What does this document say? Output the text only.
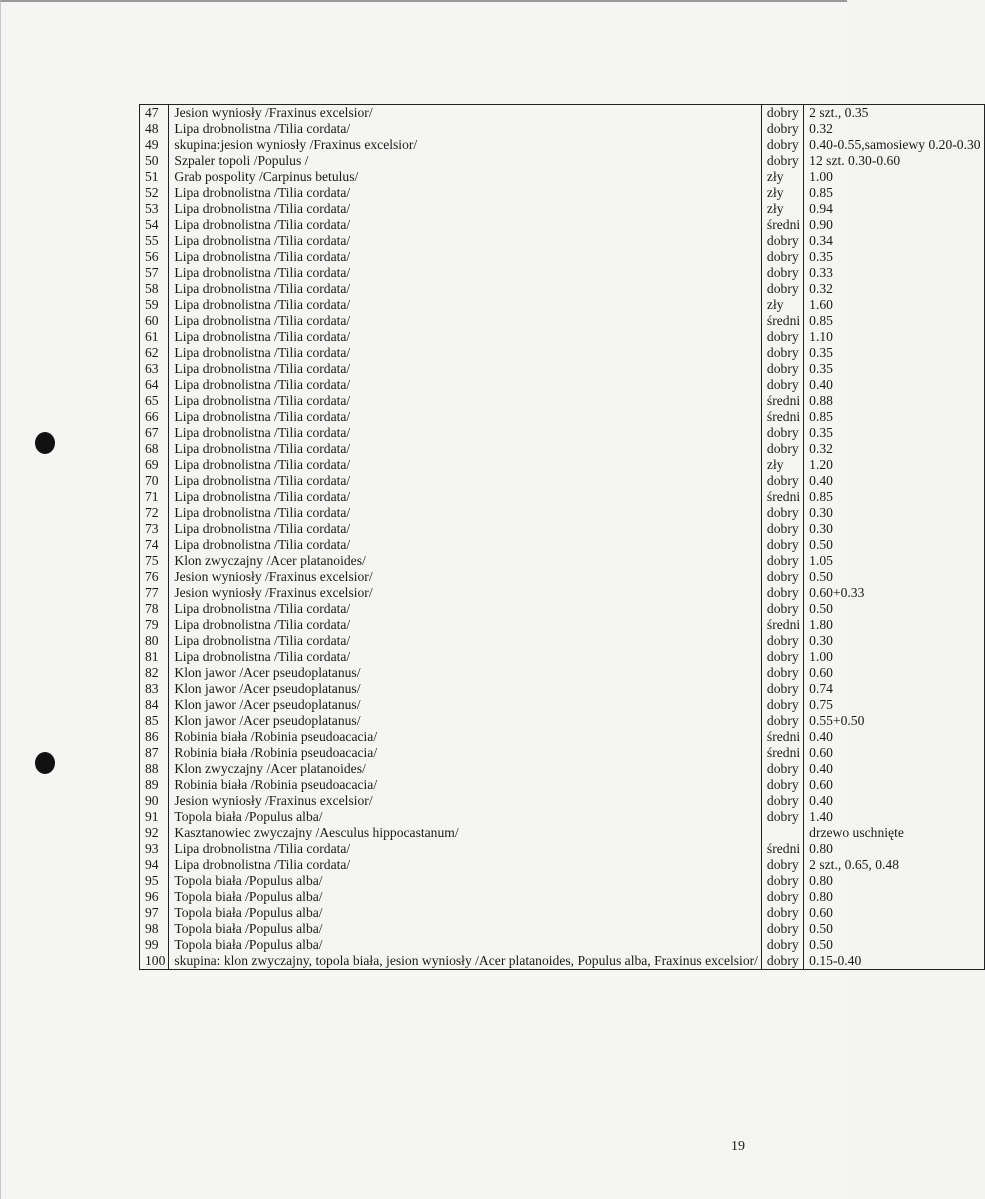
47	Jesion wyniosły /Fraxinus excelsior/	dobry	2 szt., 0.35
48	Lipa drobnolistna /Tilia cordata/	dobry	0.32
49	skupina:jesion wyniosły /Fraxinus excelsior/	dobry	0.40-0.55,samosiewy 0.20-0.30
50	Szpaler topoli /Populus /	dobry	12 szt. 0.30-0.60
51	Grab pospolity /Carpinus betulus/	zły	1.00
52	Lipa drobnolistna /Tilia cordata/	zły	0.85
53	Lipa drobnolistna /Tilia cordata/	zły	0.94
54	Lipa drobnolistna /Tilia cordata/	średni	0.90
55	Lipa drobnolistna /Tilia cordata/	dobry	0.34
56	Lipa drobnolistna /Tilia cordata/	dobry	0.35
57	Lipa drobnolistna /Tilia cordata/	dobry	0.33
58	Lipa drobnolistna /Tilia cordata/	dobry	0.32
59	Lipa drobnolistna /Tilia cordata/	zły	1.60
60	Lipa drobnolistna /Tilia cordata/	średni	0.85
61	Lipa drobnolistna /Tilia cordata/	dobry	1.10
62	Lipa drobnolistna /Tilia cordata/	dobry	0.35
63	Lipa drobnolistna /Tilia cordata/	dobry	0.35
64	Lipa drobnolistna /Tilia cordata/	dobry	0.40
65	Lipa drobnolistna /Tilia cordata/	średni	0.88
66	Lipa drobnolistna /Tilia cordata/	średni	0.85
67	Lipa drobnolistna /Tilia cordata/	dobry	0.35
68	Lipa drobnolistna /Tilia cordata/	dobry	0.32
69	Lipa drobnolistna /Tilia cordata/	zły	1.20
70	Lipa drobnolistna /Tilia cordata/	dobry	0.40
71	Lipa drobnolistna /Tilia cordata/	średni	0.85
72	Lipa drobnolistna /Tilia cordata/	dobry	0.30
73	Lipa drobnolistna /Tilia cordata/	dobry	0.30
74	Lipa drobnolistna /Tilia cordata/	dobry	0.50
75	Klon zwyczajny /Acer platanoides/	dobry	1.05
76	Jesion wyniosły /Fraxinus excelsior/	dobry	0.50
77	Jesion wyniosły /Fraxinus excelsior/	dobry	0.60+0.33
78	Lipa drobnolistna /Tilia cordata/	dobry	0.50
79	Lipa drobnolistna /Tilia cordata/	średni	1.80
80	Lipa drobnolistna /Tilia cordata/	dobry	0.30
81	Lipa drobnolistna /Tilia cordata/	dobry	1.00
82	Klon jawor /Acer pseudoplatanus/	dobry	0.60
83	Klon jawor /Acer pseudoplatanus/	dobry	0.74
84	Klon jawor /Acer pseudoplatanus/	dobry	0.75
85	Klon jawor /Acer pseudoplatanus/	dobry	0.55+0.50
86	Robinia biała /Robinia pseudoacacia/	średni	0.40
87	Robinia biała /Robinia pseudoacacia/	średni	0.60
88	Klon zwyczajny /Acer platanoides/	dobry	0.40
89	Robinia biała /Robinia pseudoacacia/	dobry	0.60
90	Jesion wyniosły /Fraxinus excelsior/	dobry	0.40
91	Topola biała /Populus alba/	dobry	1.40
92	Kasztanowiec zwyczajny /Aesculus hippocastanum/		drzewo uschnięte
93	Lipa drobnolistna /Tilia cordata/	średni	0.80
94	Lipa drobnolistna /Tilia cordata/	dobry	2 szt., 0.65, 0.48
95	Topola biała /Populus alba/	dobry	0.80
96	Topola biała /Populus alba/	dobry	0.80
97	Topola biała /Populus alba/	dobry	0.60
98	Topola biała /Populus alba/	dobry	0.50
99	Topola biała /Populus alba/	dobry	0.50
100	skupina: klon zwyczajny, topola biała, jesion wyniosły /Acer platanoides, Populus alba, Fraxinus excelsior/	dobry	0.15-0.40
19
